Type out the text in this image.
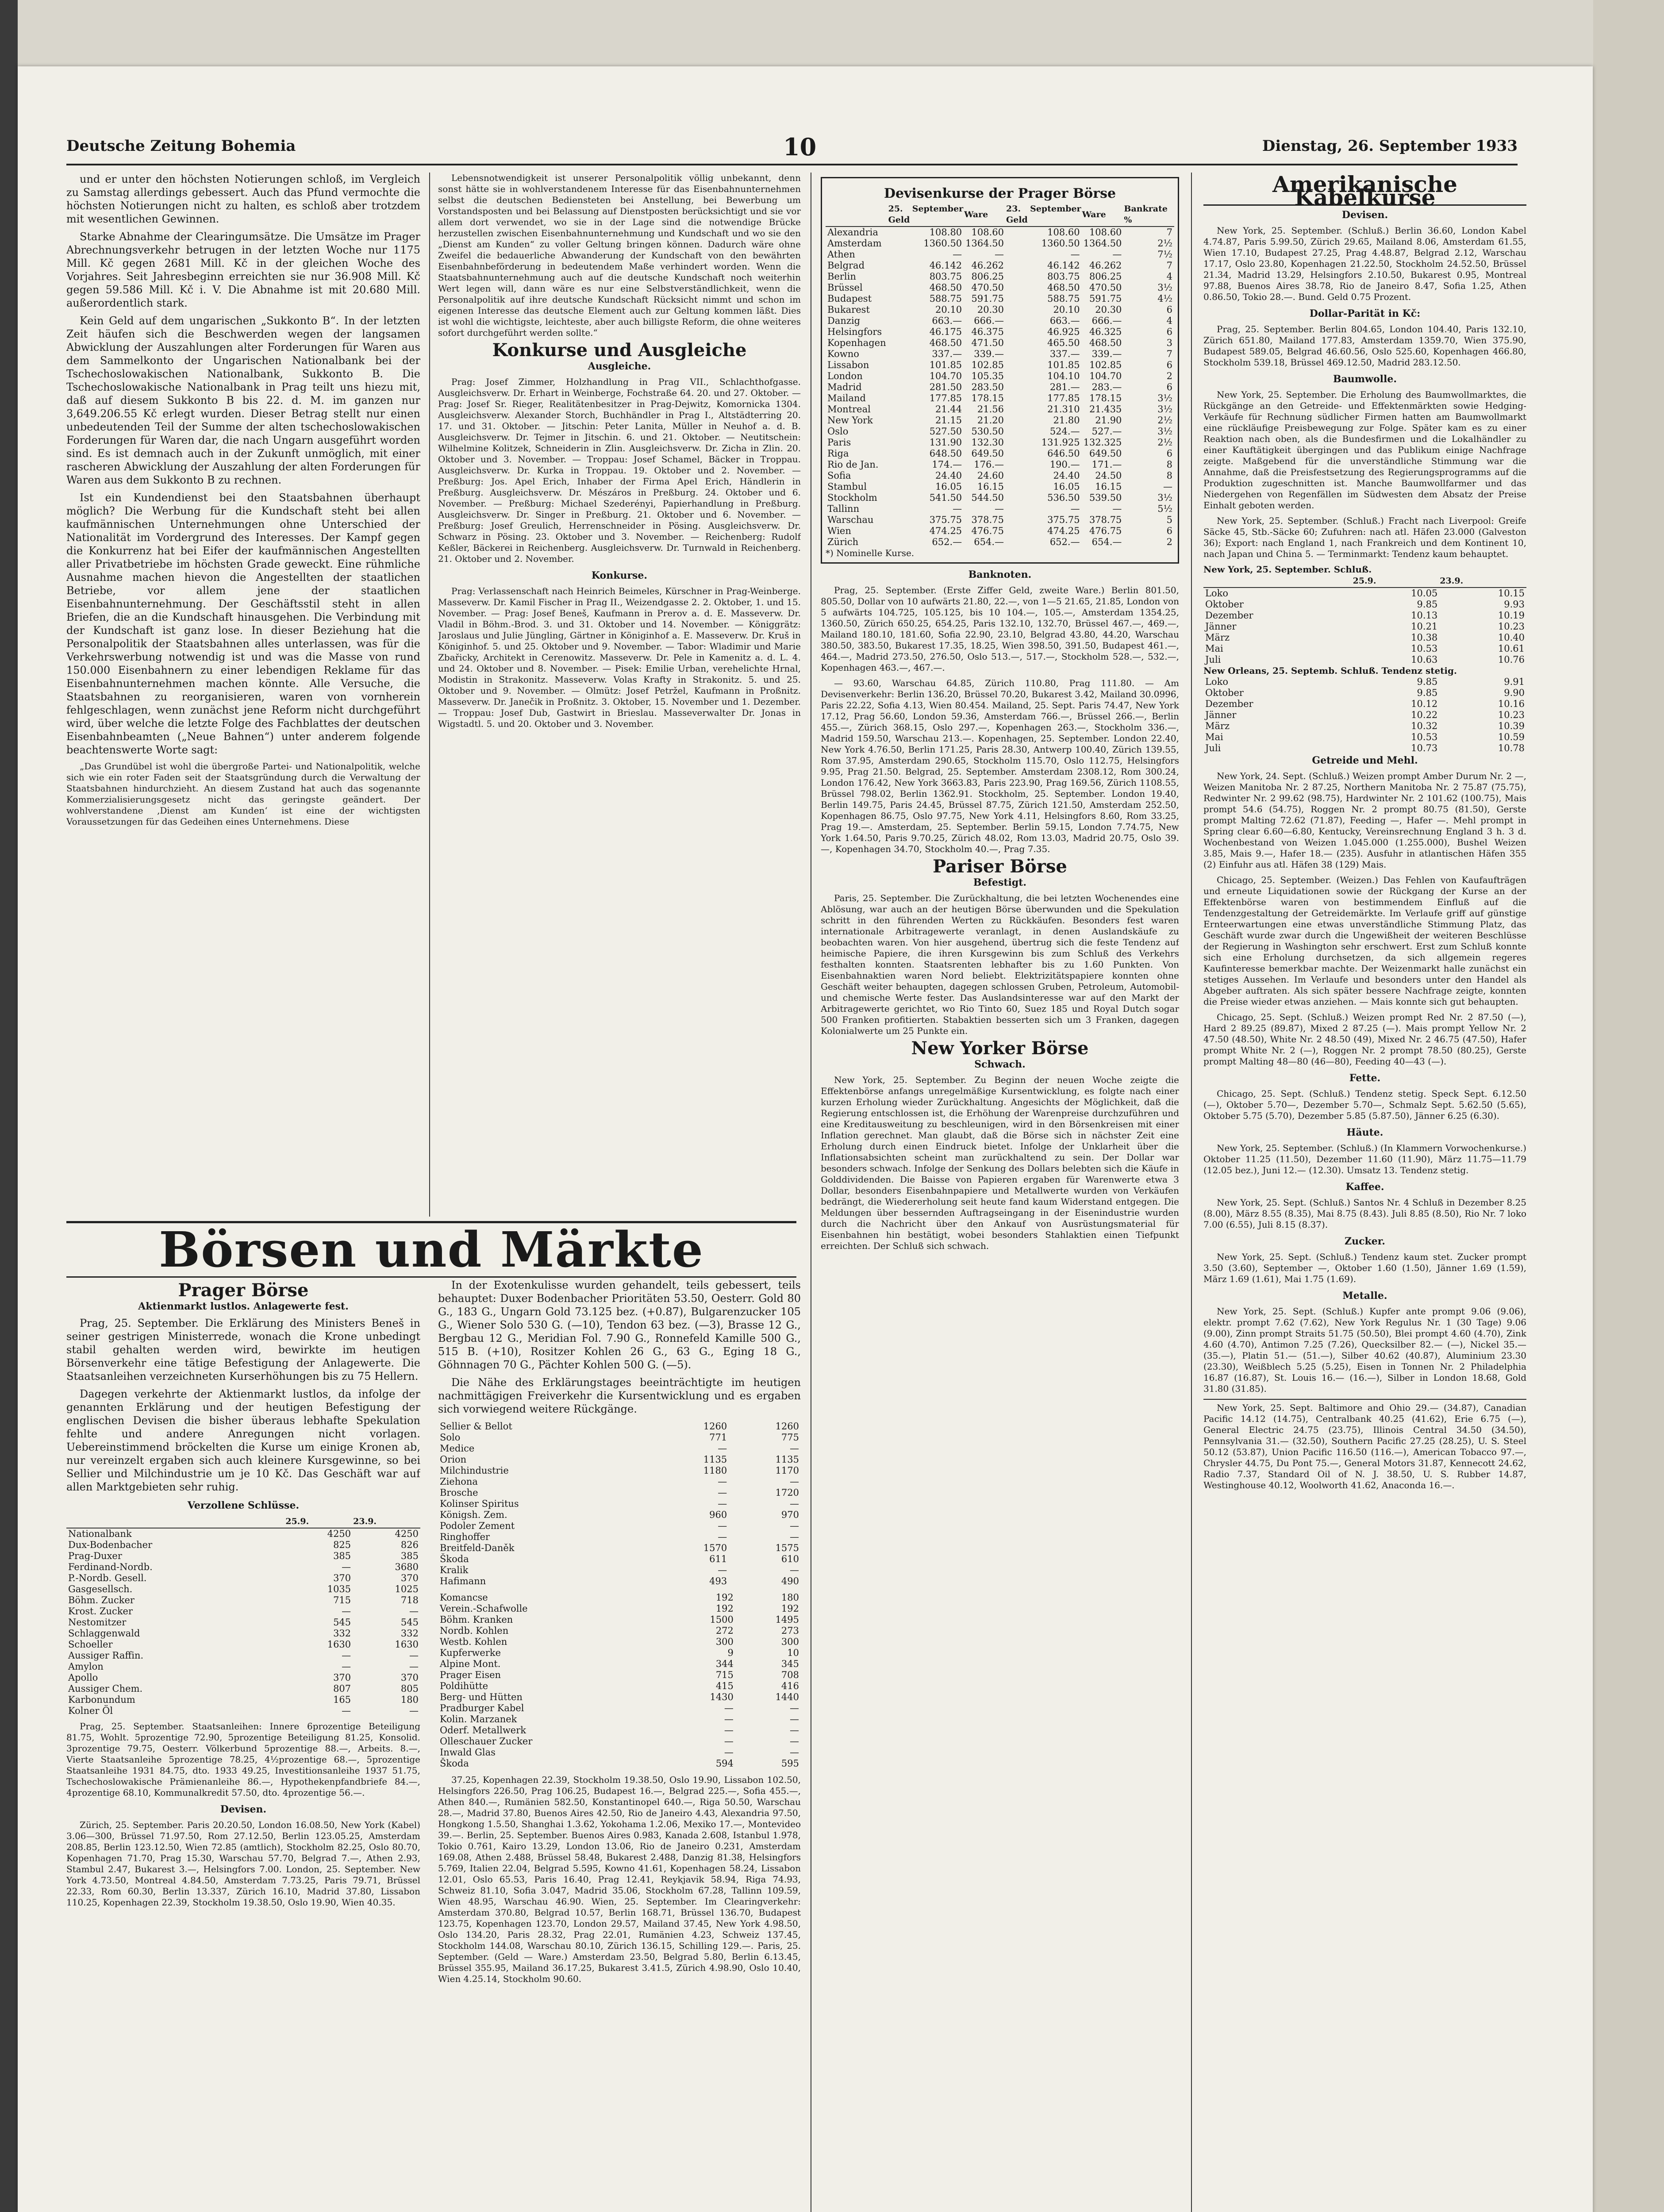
Deutsche Zeitung Bohemia	10	Dienstag, 26. September 1933

und er unter den höchsten Notierungen schloß, im Vergleich zu Samstag allerdings gebessert. Auch das Pfund vermochte die höchsten Notierungen nicht zu halten, es schloß aber trotzdem mit wesentlichen Gewinnen.

Starke Abnahme der Clearingumsätze. Die Umsätze im Prager Abrechnungsverkehr betrugen in der letzten Woche nur 1175 Mill. Kč gegen 2681 Mill. Kč in der gleichen Woche des Vorjahres. Seit Jahresbeginn erreichten sie nur 36.908 Mill. Kč gegen 59.586 Mill. Kč i. V. Die Abnahme ist mit 20.680 Mill. außerordentlich stark.

Kein Geld auf dem ungarischen „Sukkonto B“. In der letzten Zeit häufen sich die Beschwerden wegen der langsamen Abwicklung der Auszahlungen alter Forderungen für Waren aus dem Sammelkonto der Ungarischen Nationalbank bei der Tschechoslowakischen Nationalbank, Sukkonto B. Die Tschechoslowakische Nationalbank in Prag teilt uns hiezu mit, daß auf diesem Sukkonto B bis 22. d. M. im ganzen nur 3,649.206.55 Kč erlegt wurden. Dieser Betrag stellt nur einen unbedeutenden Teil der Summe der alten tschechoslowakischen Forderungen für Waren dar, die nach Ungarn ausgeführt worden sind. Es ist demnach auch in der Zukunft unmöglich, mit einer rascheren Abwicklung der Auszahlung der alten Forderungen für Waren aus dem Sukkonto B zu rechnen.

Ist ein Kundendienst bei den Staatsbahnen überhaupt möglich? Die Werbung für die Kundschaft steht bei allen kaufmännischen Unternehmungen ohne Unterschied der Nationalität im Vordergrund des Interesses. Der Kampf gegen die Konkurrenz hat bei Eifer der kaufmännischen Angestellten aller Privatbetriebe im höchsten Grade geweckt. Eine rühmliche Ausnahme machen hievon die Angestellten der staatlichen Betriebe, vor allem jene der staatlichen Eisenbahnunternehmung. Der Geschäftsstil steht in allen Briefen, die an die Kundschaft hinausgehen. Die Verbindung mit der Kundschaft ist ganz lose. In dieser Beziehung hat die Personalpolitik der Staatsbahnen alles unterlassen, was für die Verkehrswerbung notwendig ist und was die Masse von rund 150.000 Eisenbahnern zu einer lebendigen Reklame für das Eisenbahnunternehmen machen könnte. Alle Versuche, die Staatsbahnen zu reorganisieren, waren von vornherein fehlgeschlagen, wenn zunächst jene Reform nicht durchgeführt wird, über welche die letzte Folge des Fachblattes der deutschen Eisenbahnbeamten („Neue Bahnen“) unter anderem folgende beachtenswerte Worte sagt:

„Das Grundübel ist wohl die übergroße Partei- und Nationalpolitik, welche sich wie ein roter Faden seit der Staatsgründung durch die Verwaltung der Staatsbahnen hindurchzieht. An diesem Zustand hat auch das sogenannte Kommerzialisierungsgesetz nicht das geringste geändert. Der wohlverstandene ‚Dienst am Kunden‘ ist eine der wichtigsten Voraussetzungen für das Gedeihen eines Unternehmens. Diese

Lebensnotwendigkeit ist unserer Personalpolitik völlig unbekannt, denn sonst hätte sie in wohlverstandenem Interesse für das Eisenbahnunternehmen selbst die deutschen Bediensteten bei Anstellung, bei Bewerbung um Vorstandsposten und bei Belassung auf Dienstposten berücksichtigt und sie vor allem dort verwendet, wo sie in der Lage sind die notwendige Brücke herzustellen zwischen Eisenbahnunternehmung und Kundschaft und wo sie den „Dienst am Kunden“ zu voller Geltung bringen können. Dadurch wäre ohne Zweifel die bedauerliche Abwanderung der Kundschaft von den bewährten Eisenbahnbeförderung in bedeutendem Maße verhindert worden. Wenn die Staatsbahnunternehmung auch auf die deutsche Kundschaft noch weiterhin Wert legen will, dann wäre es nur eine Selbstverständlichkeit, wenn die Personalpolitik auf ihre deutsche Kundschaft Rücksicht nimmt und schon im eigenen Interesse das deutsche Element auch zur Geltung kommen läßt. Dies ist wohl die wichtigste, leichteste, aber auch billigste Reform, die ohne weiteres sofort durchgeführt werden sollte.“

Konkurse und Ausgleiche
Ausgleiche.

Prag: Josef Zimmer, Holzhandlung in Prag VII., Schlachthofgasse. Ausgleichsverw. Dr. Erhart in Weinberge, Fochstraße 64. 20. und 27. Oktober. — Prag: Josef Sr. Rieger, Realitätenbesitzer in Prag-Dejwitz, Komornicka 1304. Ausgleichsverw. Alexander Storch, Buchhändler in Prag I., Altstädterring 20. 17. und 31. Oktober. — Jitschin: Peter Lanita, Müller in Neuhof a. d. B. Ausgleichsverw. Dr. Tejmer in Jitschin. 6. und 21. Oktober. — Neutitschein: Wilhelmine Kolitzek, Schneiderin in Zlin. Ausgleichsverw. Dr. Zicha in Zlin. 20. Oktober und 3. November. — Troppau: Josef Schamel, Bäcker in Troppau. Ausgleichsverw. Dr. Kurka in Troppau. 19. Oktober und 2. November. — Preßburg: Jos. Apel Erich, Inhaber der Firma Apel Erich, Händlerin in Preßburg. Ausgleichsverw. Dr. Mészáros in Preßburg. 24. Oktober und 6. November. — Preßburg: Michael Szederényi, Papierhandlung in Preßburg. Ausgleichsverw. Dr. Singer in Preßburg. 21. Oktober und 6. November. — Preßburg: Josef Greulich, Herrenschneider in Pösing. Ausgleichsverw. Dr. Schwarz in Pösing. 23. Oktober und 3. November. — Reichenberg: Rudolf Keßler, Bäckerei in Reichenberg. Ausgleichsverw. Dr. Turnwald in Reichenberg. 21. Oktober und 2. November.

Konkurse.

Prag: Verlassenschaft nach Heinrich Beimeles, Kürschner in Prag-Weinberge. Masseverw. Dr. Kamil Fischer in Prag II., Weizendgasse 2. 2. Oktober, 1. und 15. November. — Prag: Josef Beneš, Kaufmann in Prerov a. d. E. Masseverw. Dr. Vladil in Böhm.-Brod. 3. und 31. Oktober und 14. November. — Königgrätz: Jaroslaus und Julie Jüngling, Gärtner in Königinhof a. E. Masseverw. Dr. Kruš in Königinhof. 5. und 25. Oktober und 9. November. — Tabor: Wladimir und Marie Zbařicky, Architekt in Cerenowitz. Masseverw. Dr. Pele in Kamenitz a. d. L. 4. und 24. Oktober und 8. November. — Pisek: Emilie Urban, verehelichte Hrnal, Modistin in Strakonitz. Masseverw. Volas Krafty in Strakonitz. 5. und 25. Oktober und 9. November. — Olmütz: Josef Petržel, Kaufmann in Proßnitz. Masseverw. Dr. Janečik in Proßnitz. 3. Oktober, 15. November und 1. Dezember. — Troppau: Josef Dub, Gastwirt in Brieslau. Masseverwalter Dr. Jonas in Wigstadtl. 5. und 20. Oktober und 3. November.

Devisenkurse der Prager Börse
	25. September Geld	Ware	23. September Geld	Ware	Bankrate %
Alexandria	108.80	108.60	108.60	108.60	7
Amsterdam	1360.50	1364.50	1360.50	1364.50	2½
Athen	—	—	—	—	7½
Belgrad	46.142	46.262	46.142	46.262	7
Berlin	803.75	806.25	803.75	806.25	4
Brüssel	468.50	470.50	468.50	470.50	3½
Budapest	588.75	591.75	588.75	591.75	4½
Bukarest	20.10	20.30	20.10	20.30	6
Danzig	663.—	666.—	663.—	666.—	4
Helsingfors	46.175	46.375	46.925	46.325	6
Kopenhagen	468.50	471.50	465.50	468.50	3
Kowno	337.—	339.—	337.—	339.—	7
Lissabon	101.85	102.85	101.85	102.85	6
London	104.70	105.35	104.10	104.70	2
Madrid	281.50	283.50	281.—	283.—	6
Mailand	177.85	178.15	177.85	178.15	3½
Montreal	21.44	21.56	21.310	21.435	3½
New York	21.15	21.20	21.80	21.90	2½
Oslo	527.50	530.50	524.—	527.—	3½
Paris	131.90	132.30	131.925	132.325	2½
Riga	648.50	649.50	646.50	649.50	6
Rio de Jan.	174.—	176.—	190.—	171.—	8
Sofia	24.40	24.60	24.40	24.50	8
Stambul	16.05	16.15	16.05	16.15	—
Stockholm	541.50	544.50	536.50	539.50	3½
Tallinn	—	—	—	—	5½
Warschau	375.75	378.75	375.75	378.75	5
Wien	474.25	476.75	474.25	476.75	6
Zürich	652.—	654.—	652.—	654.—	2
*) Nominelle Kurse.
Banknoten.

Prag, 25. September. (Erste Ziffer Geld, zweite Ware.) Berlin 801.50, 805.50, Dollar von 10 aufwärts 21.80, 22.—, von 1—5 21.65, 21.85, London von 5 aufwärts 104.725, 105.125, bis 10 104.—, 105.—, Amsterdam 1354.25, 1360.50, Zürich 650.25, 654.25, Paris 132.10, 132.70, Brüssel 467.—, 469.—, Mailand 180.10, 181.60, Sofia 22.90, 23.10, Belgrad 43.80, 44.20, Warschau 380.50, 383.50, Bukarest 17.35, 18.25, Wien 398.50, 391.50, Budapest 461.—, 464.—, Madrid 273.50, 276.50, Oslo 513.—, 517.—, Stockholm 528.—, 532.—, Kopenhagen 463.—, 467.—.

— 93.60, Warschau 64.85, Zürich 110.80, Prag 111.80. — Am Devisenverkehr: Berlin 136.20, Brüssel 70.20, Bukarest 3.42, Mailand 30.0996, Paris 22.22, Sofia 4.13, Wien 80.454. Mailand, 25. Sept. Paris 74.47, New York 17.12, Prag 56.60, London 59.36, Amsterdam 766.—, Brüssel 266.—, Berlin 455.—, Zürich 368.15, Oslo 297.—, Kopenhagen 263.—, Stockholm 336.—, Madrid 159.50, Warschau 213.—. Kopenhagen, 25. September. London 22.40, New York 4.76.50, Berlin 171.25, Paris 28.30, Antwerp 100.40, Zürich 139.55, Rom 37.95, Amsterdam 290.65, Stockholm 115.70, Oslo 112.75, Helsingfors 9.95, Prag 21.50. Belgrad, 25. September. Amsterdam 2308.12, Rom 300.24, London 176.42, New York 3663.83, Paris 223.90, Prag 169.56, Zürich 1108.55, Brüssel 798.02, Berlin 1362.91. Stockholm, 25. September. London 19.40, Berlin 149.75, Paris 24.45, Brüssel 87.75, Zürich 121.50, Amsterdam 252.50, Kopenhagen 86.75, Oslo 97.75, New York 4.11, Helsingfors 8.60, Rom 33.25, Prag 19.—. Amsterdam, 25. September. Berlin 59.15, London 7.74.75, New York 1.64.50, Paris 9.70.25, Zürich 48.02, Rom 13.03, Madrid 20.75, Oslo 39.—, Kopenhagen 34.70, Stockholm 40.—, Prag 7.35.

Pariser Börse
Befestigt.

Paris, 25. September. Die Zurückhaltung, die bei letzten Wochenendes eine Ablösung, war auch an der heutigen Börse überwunden und die Spekulation schritt in den führenden Werten zu Rückkäufen. Besonders fest waren internationale Arbitragewerte veranlagt, in denen Auslandskäufe zu beobachten waren. Von hier ausgehend, übertrug sich die feste Tendenz auf heimische Papiere, die ihren Kursgewinn bis zum Schluß des Verkehrs festhalten konnten. Staatsrenten lebhafter bis zu 1.60 Punkten. Von Eisenbahnaktien waren Nord beliebt. Elektrizitätspapiere konnten ohne Geschäft weiter behaupten, dagegen schlossen Gruben, Petroleum, Automobil- und chemische Werte fester. Das Auslandsinteresse war auf den Markt der Arbitragewerte gerichtet, wo Rio Tinto 60, Suez 185 und Royal Dutch sogar 500 Franken profitierten. Stabaktien besserten sich um 3 Franken, dagegen Kolonialwerte um 25 Punkte ein.

New Yorker Börse
Schwach.

New York, 25. September. Zu Beginn der neuen Woche zeigte die Effektenbörse anfangs unregelmäßige Kursentwicklung, es folgte nach einer kurzen Erholung wieder Zurückhaltung. Angesichts der Möglichkeit, daß die Regierung entschlossen ist, die Erhöhung der Warenpreise durchzuführen und eine Kreditausweitung zu beschleunigen, wird in den Börsenkreisen mit einer Inflation gerechnet. Man glaubt, daß die Börse sich in nächster Zeit eine Erholung durch einen Eindruck bietet. Infolge der Unklarheit über die Inflationsabsichten scheint man zurückhaltend zu sein. Der Dollar war besonders schwach. Infolge der Senkung des Dollars belebten sich die Käufe in Golddividenden. Die Baisse von Papieren ergaben für Warenwerte etwa 3 Dollar, besonders Eisenbahnpapiere und Metallwerte wurden von Verkäufen bedrängt, die Wiedererholung seit heute fand kaum Widerstand entgegen. Die Meldungen über bessernden Auftragseingang in der Eisenindustrie wurden durch die Nachricht über den Ankauf von Ausrüstungsmaterial für Eisenbahnen hin bestätigt, wobei besonders Stahlaktien einen Tiefpunkt erreichten. Der Schluß sich schwach.

Amerikanische Kabelkurse
Devisen.

New York, 25. September. (Schluß.) Berlin 36.60, London Kabel 4.74.87, Paris 5.99.50, Zürich 29.65, Mailand 8.06, Amsterdam 61.55, Wien 17.10, Budapest 27.25, Prag 4.48.87, Belgrad 2.12, Warschau 17.17, Oslo 23.80, Kopenhagen 21.22.50, Stockholm 24.52.50, Brüssel 21.34, Madrid 13.29, Helsingfors 2.10.50, Bukarest 0.95, Montreal 97.88, Buenos Aires 38.78, Rio de Janeiro 8.47, Sofia 1.25, Athen 0.86.50, Tokio 28.—. Bund. Geld 0.75 Prozent.

Dollar-Parität in Kč:

Prag, 25. September. Berlin 804.65, London 104.40, Paris 132.10, Zürich 651.80, Mailand 177.83, Amsterdam 1359.70, Wien 375.90, Budapest 589.05, Belgrad 46.60.56, Oslo 525.60, Kopenhagen 466.80, Stockholm 539.18, Brüssel 469.12.50, Madrid 283.12.50.

Baumwolle.

New York, 25. September. Die Erholung des Baumwollmarktes, die Rückgänge an den Getreide- und Effektenmärkten sowie Hedging-Verkäufe für Rechnung südlicher Firmen hatten am Baumwollmarkt eine rückläufige Preisbewegung zur Folge. Später kam es zu einer Reaktion nach oben, als die Bundesfirmen und die Lokalhändler zu einer Kauftätigkeit übergingen und das Publikum einige Nachfrage zeigte. Maßgebend für die unverständliche Stimmung war die Annahme, daß die Preisfestsetzung des Regierungsprogramms auf die Produktion zugeschnitten ist. Manche Baumwollfarmer und das Niedergehen von Regenfällen im Südwesten dem Absatz der Preise Einhalt geboten werden.

New York, 25. September. (Schluß.) Fracht nach Liverpool: Greife Säcke 45, Stb.-Säcke 60; Zufuhren: nach atl. Häfen 23.000 (Galveston 36); Export: nach England 1, nach Frankreich und dem Kontinent 10, nach Japan und China 5. — Terminmarkt: Tendenz kaum behauptet.

New York, 25. September. Schluß.
	25.9.	23.9.
Loko	10.05	10.15
Oktober	9.85	9.93
Dezember	10.13	10.19
Jänner	10.21	10.23
März	10.38	10.40
Mai	10.53	10.61
Juli	10.63	10.76
New Orleans, 25. Septemb. Schluß. Tendenz stetig.
Loko	9.85	9.91
Oktober	9.85	9.90
Dezember	10.12	10.16
Jänner	10.22	10.23
März	10.32	10.39
Mai	10.53	10.59
Juli	10.73	10.78
Getreide und Mehl.

New York, 24. Sept. (Schluß.) Weizen prompt Amber Durum Nr. 2 —, Weizen Manitoba Nr. 2 87.25, Northern Manitoba Nr. 2 75.87 (75.75), Redwinter Nr. 2 99.62 (98.75), Hardwinter Nr. 2 101.62 (100.75), Mais prompt 54.6 (54.75), Roggen Nr. 2 prompt 80.75 (81.50), Gerste prompt Malting 72.62 (71.87), Feeding —, Hafer —. Mehl prompt in Spring clear 6.60—6.80, Kentucky, Vereinsrechnung England 3 h. 3 d. Wochenbestand von Weizen 1.045.000 (1.255.000), Bushel Weizen 3.85, Mais 9.—, Hafer 18.— (235). Ausfuhr in atlantischen Häfen 355 (2) Einfuhr aus atl. Häfen 38 (129) Mais.

Chicago, 25. September. (Weizen.) Das Fehlen von Kaufaufträgen und erneute Liquidationen sowie der Rückgang der Kurse an der Effektenbörse waren von bestimmendem Einfluß auf die Tendenzgestaltung der Getreidemärkte. Im Verlaufe griff auf günstige Ernteerwartungen eine etwas unverständliche Stimmung Platz, das Geschäft wurde zwar durch die Ungewißheit der weiteren Beschlüsse der Regierung in Washington sehr erschwert. Erst zum Schluß konnte sich eine Erholung durchsetzen, da sich allgemein regeres Kaufinteresse bemerkbar machte. Der Weizenmarkt halle zunächst ein stetiges Aussehen. Im Verlaufe und besonders unter den Handel als Abgeber auftraten. Als sich später bessere Nachfrage zeigte, konnten die Preise wieder etwas anziehen. — Mais konnte sich gut behaupten.

Chicago, 25. Sept. (Schluß.) Weizen prompt Red Nr. 2 87.50 (—), Hard 2 89.25 (89.87), Mixed 2 87.25 (—). Mais prompt Yellow Nr. 2 47.50 (48.50), White Nr. 2 48.50 (49), Mixed Nr. 2 46.75 (47.50), Hafer prompt White Nr. 2 (—), Roggen Nr. 2 prompt 78.50 (80.25), Gerste prompt Malting 48—80 (46—80), Feeding 40—43 (—).

Fette.

Chicago, 25. Sept. (Schluß.) Tendenz stetig. Speck Sept. 6.12.50 (—), Oktober 5.70—, Dezember 5.70—, Schmalz Sept. 5.62.50 (5.65), Oktober 5.75 (5.70), Dezember 5.85 (5.87.50), Jänner 6.25 (6.30).

Häute.

New York, 25. September. (Schluß.) (In Klammern Vorwochenkurse.) Oktober 11.25 (11.50), Dezember 11.60 (11.90), März 11.75—11.79 (12.05 bez.), Juni 12.— (12.30). Umsatz 13. Tendenz stetig.

Kaffee.

New York, 25. Sept. (Schluß.) Santos Nr. 4 Schluß in Dezember 8.25 (8.00), März 8.55 (8.35), Mai 8.75 (8.43). Juli 8.85 (8.50), Rio Nr. 7 loko 7.00 (6.55), Juli 8.15 (8.37).

Zucker.

New York, 25. Sept. (Schluß.) Tendenz kaum stet. Zucker prompt 3.50 (3.60), September —, Oktober 1.60 (1.50), Jänner 1.69 (1.59), März 1.69 (1.61), Mai 1.75 (1.69).

Metalle.

New York, 25. Sept. (Schluß.) Kupfer ante prompt 9.06 (9.06), elektr. prompt 7.62 (7.62), New York Regulus Nr. 1 (30 Tage) 9.06 (9.00), Zinn prompt Straits 51.75 (50.50), Blei prompt 4.60 (4.70), Zink 4.60 (4.70), Antimon 7.25 (7.26), Quecksilber 82.— (—), Nickel 35.— (35.—), Platin 51.— (51.—), Silber 40.62 (40.87), Aluminium 23.30 (23.30), Weißblech 5.25 (5.25), Eisen in Tonnen Nr. 2 Philadelphia 16.87 (16.87), St. Louis 16.— (16.—), Silber in London 18.68, Gold 31.80 (31.85).

New York, 25. Sept. Baltimore and Ohio 29.— (34.87), Canadian Pacific 14.12 (14.75), Centralbank 40.25 (41.62), Erie 6.75 (—), General Electric 24.75 (23.75), Illinois Central 34.50 (34.50), Pennsylvania 31.— (32.50), Southern Pacific 27.25 (28.25), U. S. Steel 50.12 (53.87), Union Pacific 116.50 (116.—), American Tobacco 97.—, Chrysler 44.75, Du Pont 75.—, General Motors 31.87, Kennecott 24.62, Radio 7.37, Standard Oil of N. J. 38.50, U. S. Rubber 14.87, Westinghouse 40.12, Woolworth 41.62, Anaconda 16.—.

Börsen und Märkte
Prager Börse
Aktienmarkt lustlos. Anlagewerte fest.

Prag, 25. September. Die Erklärung des Ministers Beneš in seiner gestrigen Ministerrede, wonach die Krone unbedingt stabil gehalten werden wird, bewirkte im heutigen Börsenverkehr eine tätige Befestigung der Anlagewerte. Die Staatsanleihen verzeichneten Kurserhöhungen bis zu 75 Hellern.

Dagegen verkehrte der Aktienmarkt lustlos, da infolge der genannten Erklärung und der heutigen Befestigung der englischen Devisen die bisher überaus lebhafte Spekulation fehlte und andere Anregungen nicht vorlagen. Uebereinstimmend bröckelten die Kurse um einige Kronen ab, nur vereinzelt ergaben sich auch kleinere Kursgewinne, so bei Sellier und Milchindustrie um je 10 Kč. Das Geschäft war auf allen Marktgebieten sehr ruhig.

Verzollene Schlüsse.
	25.9.	23.9.
Nationalbank	4250	4250
Dux-Bodenbacher	825	826
Prag-Duxer	385	385
Ferdinand-Nordb.	—	3680
P.-Nordb. Gesell.	370	370
Gasgesellsch.	1035	1025
Böhm. Zucker	715	718
Krost. Zucker	—	—
Nestomitzer	545	545
Schlaggenwald	332	332
Schoeller	1630	1630
Aussiger Raffin.	—	—
Amylon	—	—
Apollo	370	370
Aussiger Chem.	807	805
Karbonundum	165	180
Kolner Öl	—	—

Prag, 25. September. Staatsanleihen: Innere 6prozentige Beteiligung 81.75, Wohlt. 5prozentige 72.90, 5prozentige Beteiligung 81.25, Konsolid. 3prozentige 79.75, Oesterr. Völkerbund 5prozentige 88.—, Arbeits. 8.—, Vierte Staatsanleihe 5prozentige 78.25, 4½prozentige 68.—, 5prozentige Staatsanleihe 1931 84.75, dto. 1933 49.25, Investitionsanleihe 1937 51.75, Tschechoslowakische Prämienanleihe 86.—, Hypothekenpfandbriefe 84.—, 4prozentige 68.10, Kommunalkredit 57.50, dto. 4prozentige 56.—.

Devisen.

Zürich, 25. September. Paris 20.20.50, London 16.08.50, New York (Kabel) 3.06—300, Brüssel 71.97.50, Rom 27.12.50, Berlin 123.05.25, Amsterdam 208.85, Berlin 123.12.50, Wien 72.85 (amtlich), Stockholm 82.25, Oslo 80.70, Kopenhagen 71.70, Prag 15.30, Warschau 57.70, Belgrad 7.—, Athen 2.93, Stambul 2.47, Bukarest 3.—, Helsingfors 7.00. London, 25. September. New York 4.73.50, Montreal 4.84.50, Amsterdam 7.73.25, Paris 79.71, Brüssel 22.33, Rom 60.30, Berlin 13.337, Zürich 16.10, Madrid 37.80, Lissabon 110.25, Kopenhagen 22.39, Stockholm 19.38.50, Oslo 19.90, Wien 40.35.

In der Exotenkulisse wurden gehandelt, teils gebessert, teils behauptet: Duxer Bodenbacher Prioritäten 53.50, Oesterr. Gold 80 G., 183 G., Ungarn Gold 73.125 bez. (+0.87), Bulgarenzucker 105 G., Wiener Solo 530 G. (—10), Tendon 63 bez. (—3), Brasse 12 G., Bergbau 12 G., Meridian Fol. 7.90 G., Ronnefeld Kamille 500 G., 515 B. (+10), Rositzer Kohlen 26 G., 63 G., Eging 18 G., Göhnnagen 70 G., Pächter Kohlen 500 G. (—5).

Die Nähe des Erklärungstages beeinträchtigte im heutigen nachmittägigen Freiverkehr die Kursentwicklung und es ergaben sich vorwiegend weitere Rückgänge.

Sellier & Bellot	1260	1260
Solo	771	775
Medice	—	—
Orion	1135	1135
Milchindustrie	1180	1170
Ziehona	—	—
Brosche	—	1720
Kolinser Spiritus	—	—
Königsh. Zem.	960	970
Podoler Zement	—	—
Ringhoffer	—	—
Breitfeld-Daněk	1570	1575
Škoda	611	610
Kralik	—	—
Hafimann	493	490
Komancse	192	180
Verein.-Schafwolle	192	192
Böhm. Kranken	1500	1495
Nordb. Kohlen	272	273
Westb. Kohlen	300	300
Kupferwerke	9	10
Alpine Mont.	344	345
Prager Eisen	715	708
Poldihütte	415	416
Berg- und Hütten	1430	1440
Pradburger Kabel	—	—
Kolin. Marzanek	—	—
Oderf. Metallwerk	—	—
Olleschauer Zucker	—	—
Inwald Glas	—	—
Škoda	594	595

37.25, Kopenhagen 22.39, Stockholm 19.38.50, Oslo 19.90, Lissabon 102.50, Helsingfors 226.50, Prag 106.25, Budapest 16.—, Belgrad 225.—, Sofia 455.—, Athen 840.—, Rumänien 582.50, Konstantinopel 640.—, Riga 50.50, Warschau 28.—, Madrid 37.80, Buenos Aires 42.50, Rio de Janeiro 4.43, Alexandria 97.50, Hongkong 1.5.50, Shanghai 1.3.62, Yokohama 1.2.06, Mexiko 17.—, Montevideo 39.—. Berlin, 25. September. Buenos Aires 0.983, Kanada 2.608, Istanbul 1.978, Tokio 0.761, Kairo 13.29, London 13.06, Rio de Janeiro 0.231, Amsterdam 169.08, Athen 2.488, Brüssel 58.48, Bukarest 2.488, Danzig 81.38, Helsingfors 5.769, Italien 22.04, Belgrad 5.595, Kowno 41.61, Kopenhagen 58.24, Lissabon 12.01, Oslo 65.53, Paris 16.40, Prag 12.41, Reykjavik 58.94, Riga 74.93, Schweiz 81.10, Sofia 3.047, Madrid 35.06, Stockholm 67.28, Tallinn 109.59, Wien 48.95, Warschau 46.90. Wien, 25. September. Im Clearingverkehr: Amsterdam 370.80, Belgrad 10.57, Berlin 168.71, Brüssel 136.70, Budapest 123.75, Kopenhagen 123.70, London 29.57, Mailand 37.45, New York 4.98.50, Oslo 134.20, Paris 28.32, Prag 22.01, Rumänien 4.23, Schweiz 137.45, Stockholm 144.08, Warschau 80.10, Zürich 136.15, Schilling 129.—. Paris, 25. September. (Geld — Ware.) Amsterdam 23.50, Belgrad 5.80, Berlin 6.13.45, Brüssel 355.95, Mailand 36.17.25, Bukarest 3.41.5, Zürich 4.98.90, Oslo 10.40, Wien 4.25.14, Stockholm 90.60.
